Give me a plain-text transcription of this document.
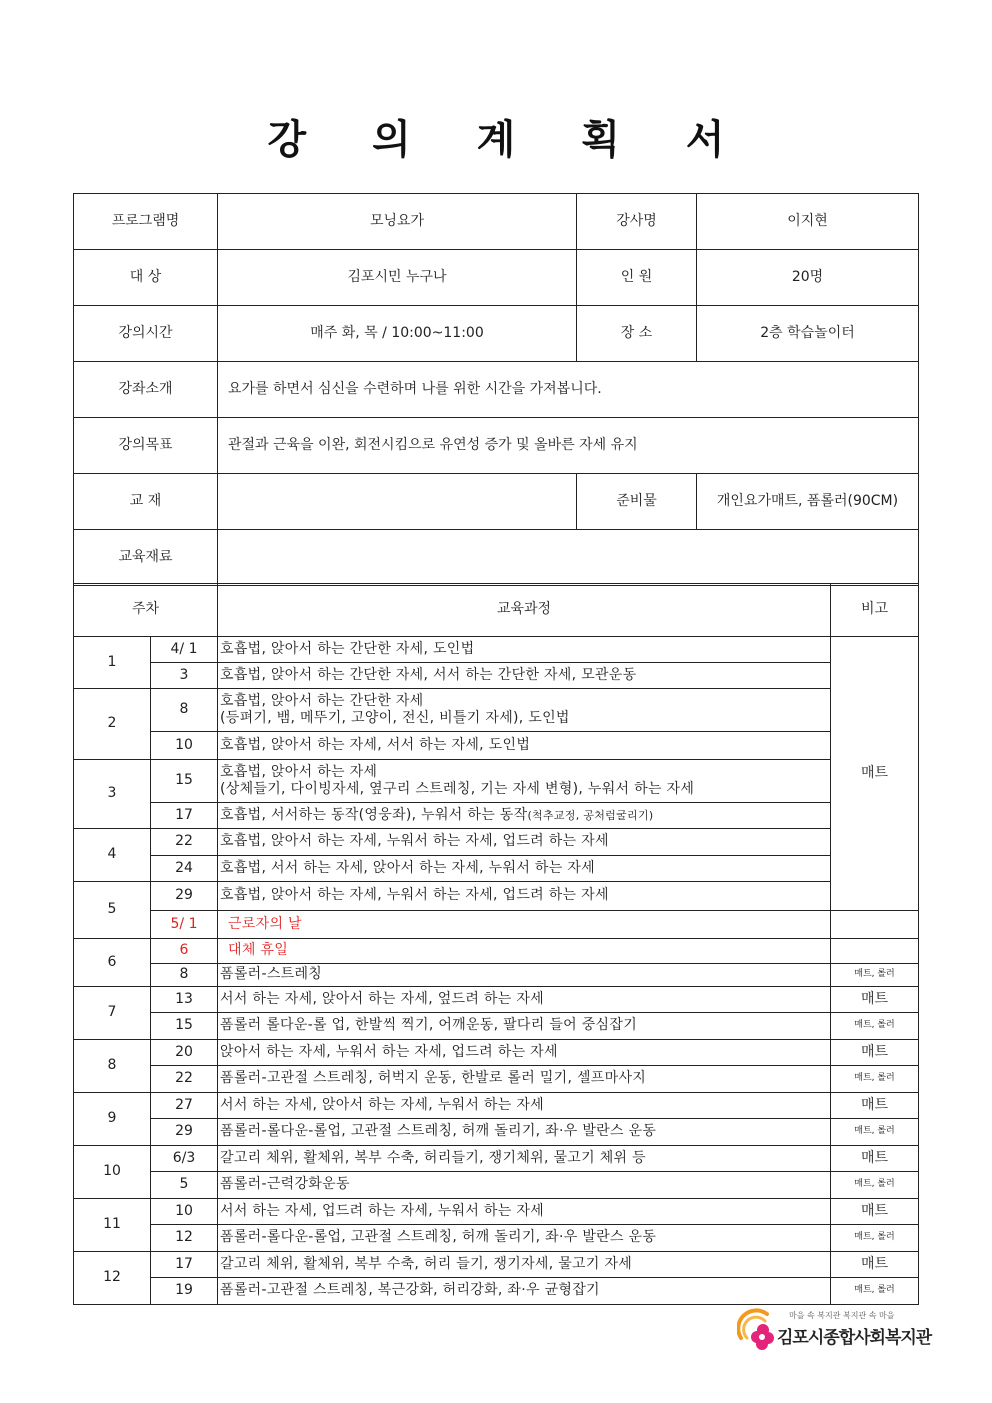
강 의 계 획 서
프로그램명	모닝요가	강사명	이지현
대 상	김포시민 누구나	인 원	20명
강의시간	매주 화, 목 / 10:00~11:00	장 소	2층 학습놀이터
강좌소개	요가를 하면서 심신을 수련하며 나를 위한 시간을 가져봅니다.		
강의목표	관절과 근육을 이완, 회전시킴으로 유연성 증가 및 올바른 자세 유지		
교 재		준비물	개인요가매트, 폼롤러(90CM)
교육재료			
주차		교육과정	비고
1	4/ 1	호흡법, 앉아서 하는 간단한 자세, 도인법	매트
	3	호흡법, 앉아서 하는 간단한 자세, 서서 하는 간단한 자세, 모관운동	
2	8	호흡법, 앉아서 하는 간단한 자세
(등펴기, 뱀, 메뚜기, 고양이, 전신, 비틀기 자세), 도인법	

	10	호흡법, 앉아서 하는 자세, 서서 하는 자세, 도인법	
3	15	호흡법, 앉아서 하는 자세
(상체들기, 다이빙자세, 옆구리 스트레칭, 기는 자세 변형), 누워서 하는 자세	

	17	호흡법, 서서하는 동작(영웅좌), 누워서 하는 동작(척추교정, 공처럼굴리기)	
4	22	호흡법, 앉아서 하는 자세, 누워서 하는 자세, 업드려 하는 자세	
	24	호흡법, 서서 하는 자세, 앉아서 하는 자세, 누워서 하는 자세	
5	29	호흡법, 앉아서 하는 자세, 누워서 하는 자세, 업드려 하는 자세	
	5/ 1	근로자의 날	
6	6	대체 휴일	
	8	폼롤러-스트레칭	매트, 롤러
7	13	서서 하는 자세, 앉아서 하는 자세, 엎드려 하는 자세	매트
	15	폼롤러 롤다운-롤 업, 한발씩 찍기, 어깨운동, 팔다리 들어 중심잡기	매트, 롤러
8	20	앉아서 하는 자세, 누워서 하는 자세, 업드려 하는 자세	매트
	22	폼롤러-고관절 스트레칭, 허벅지 운동, 한발로 롤러 밀기, 셀프마사지	매트, 롤러
9	27	서서 하는 자세, 앉아서 하는 자세, 누워서 하는 자세	매트
	29	폼롤러-롤다운-롤업, 고관절 스트레칭, 허깨 돌리기, 좌·우 발란스 운동	매트, 롤러
10	6/3	갈고리 체위, 활체위, 복부 수축, 허리들기, 쟁기체위, 물고기 체위 등	매트
	5	폼롤러-근력강화운동	매트, 롤러
11	10	서서 하는 자세, 업드려 하는 자세, 누워서 하는 자세	매트
	12	폼롤러-롤다운-롤업, 고관절 스트레칭, 허깨 돌리기, 좌·우 발란스 운동	매트, 롤러
12	17	갈고리 체위, 활체위, 복부 수축, 허리 들기, 쟁기자세, 물고기 자세	매트
	19	폼롤러-고관절 스트레칭, 복근강화, 허리강화, 좌·우 균형잡기	매트, 롤러
마을 속 복지관 복지관 속 마을
김포시종합사회복지관
